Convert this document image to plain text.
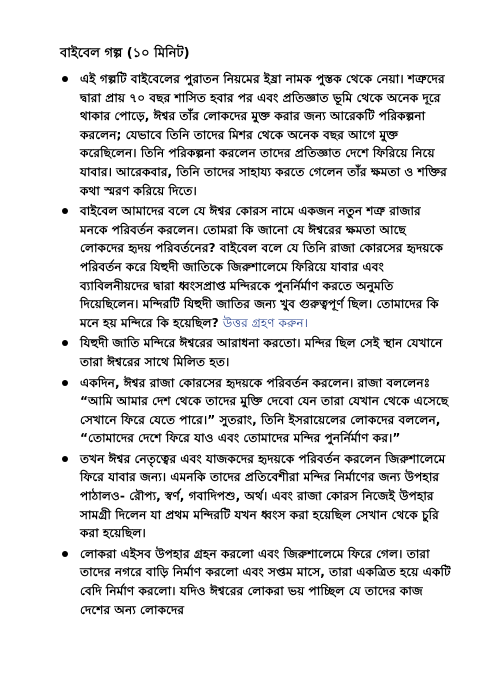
বাইবেল গল্প (১০ মিনিট)
এই গল্পটি বাইবেলের পুরাতন নিয়মের ইষ্রা নামক পুস্তক থেকে নেয়া। শত্রুদের দ্বারা প্রায় ৭০ বছর শাসিত হবার পর এবং প্রতিজ্ঞাত ভূমি থেকে অনেক দূরে থাকার পোড়ে, ঈশ্বর তাঁর লোকদের মুক্ত করার জন্য আরেকটি পরিকল্পনা করলেন; যেভাবে তিনি তাদের মিশর থেকে অনেক বছর আগে মুক্ত করেছিলেন। তিনি পরিকল্পনা করলেন তাদের প্রতিজ্ঞাত দেশে ফিরিয়ে নিয়ে যাবার। আরেকবার, তিনি তাদের সাহায্য করতে গেলেন তাঁর ক্ষমতা ও শক্তির কথা স্মরণ করিয়ে দিতে।
বাইবেল আমাদের বলে যে ঈশ্বর কোরস নামে একজন নতুন শত্রু রাজার মনকে পরিবর্তন করলেন। তোমরা কি জানো যে ঈশ্বরের ক্ষমতা আছে লোকদের হৃদয় পরিবর্তনের? বাইবেল বলে যে তিনি রাজা কোরসের হৃদয়কে পরিবর্তন করে যিহুদী জাতিকে জিরুশালেমে ফিরিয়ে যাবার এবং ব্যাবিলনীয়দের দ্বারা ধ্বংসপ্রাপ্ত মন্দিরকে পুনর্নির্মাণ করতে অনুমতি দিয়েছিলেন। মন্দিরটি যিহুদী জাতির জন্য খুব গুরুত্বপূর্ণ ছিল। তোমাদের কি মনে হয় মন্দিরে কি হয়েছিল? উত্তর গ্রহণ করুন।
যিহুদী জাতি মন্দিরে ঈশ্বরের আরাধনা করতো। মন্দির ছিল সেই স্থান যেখানে তারা ঈশ্বরের সাথে মিলিত হত।
একদিন, ঈশ্বর রাজা কোরসের হৃদয়কে পরিবর্তন করলেন। রাজা বললেনঃ “আমি আমার দেশ থেকে তাদের মুক্তি দেবো যেন তারা যেখান থেকে এসেছে সেখানে ফিরে যেতে পারে।” সুতরাং, তিনি ইসরায়েলের লোকদের বললেন, “তোমাদের দেশে ফিরে যাও এবং তোমাদের মন্দির পুনর্নির্মাণ কর।”
তখন ঈশ্বর নেতৃত্বের এবং যাজকদের হৃদয়কে পরিবর্তন করলেন জিরুশালেমে ফিরে যাবার জন্য। এমনকি তাদের প্রতিবেশীরা মন্দির নির্মাণের জন্য উপহার পাঠালও- রৌপ্য, স্বর্ণ, গবাদিপশু, অর্থ। এবং রাজা কোরস নিজেই উপহার সামগ্রী দিলেন যা প্রথম মন্দিরটি যখন ধ্বংস করা হয়েছিল সেখান থেকে চুরি করা হয়েছিল।
লোকরা এইসব উপহার গ্রহন করলো এবং জিরুশালেমে ফিরে গেল। তারা তাদের নগরে বাড়ি নির্মাণ করলো এবং সপ্তম মাসে, তারা একত্রিত হয়ে একটি বেদি নির্মাণ করলো। যদিও ঈশ্বরের লোকরা ভয় পাচ্ছিল যে তাদের কাজ দেশের অন্য লোকদের
